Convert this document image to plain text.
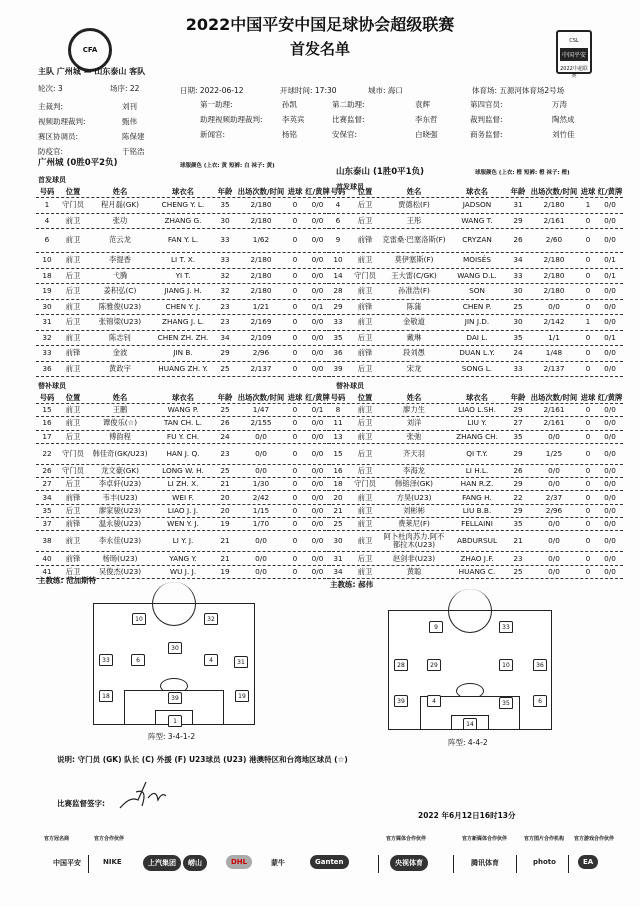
2022中国平安中国足球协会超级联赛
首发名单
CFA
CSL
中国平安
2022中超联赛
主队 广州城 — 山东泰山 客队
轮次: 3	场序: 22	日期: 2022-06-12	开球时间: 17:30	城市: 海口	体育场: 五源河体育场2号场
主裁判:	刘刊	第一助理:	孙凯	第二助理:	袁辉	第四官员:	万涛
视频助理裁判:	甄伟	助理视频助理裁判:	李英宾	比赛监督:	李东哲	裁判监督:	陶然成
赛区协调员:	陈保建	新闻官:	杨铭	安保官:	白晓强	商务监督:	刘竹佳
防疫官:	于铭浩
广州城 (0胜0平2负)	球服颜色 (上衣: 黄 短裤: 白 袜子: 黄)
首发球员
山东泰山 (1胜0平1负)	球服颜色 (上衣: 橙 短裤: 橙 袜子: 橙)
首发球员
号码	位置	姓名	球衣名	年龄 出场次数/时间 进球 红/黄牌
1	守门员	程月磊(GK)	CHENG Y. L.	35	2/180	0	0/0
4	前卫	张功	ZHANG G.	30	2/180	0	0/0
6	前卫	范云龙	FAN Y. L.	33	1/62	0	0/0
10	前卫	李提香	LI T. X.	33	2/180	0	0/0
18	后卫	弋腾	YI T.	32	2/180	0	0/0
19	后卫	姜积弘(C)	JIANG J. H.	32	2/180	0	0/0
30	前卫	陈雅俊(U23)	CHEN Y. J.	23	1/21	0	0/1
31	后卫	张锦梁(U23)	ZHANG J. L.	23	2/169	0	0/0
32	前卫	陈志钊	CHEN ZH. ZH.	34	2/109	0	0/0
33	前锋	金波	JIN B.	29	2/96	0	0/0
36	前卫	黄政宇	HUANG ZH. Y.	25	2/137	0	0/0
号码	位置	姓名	球衣名	年龄 出场次数/时间 进球 红/黄牌
4	后卫	贾德松(F)	JADSON	31	2/180	1	0/0
6	后卫	王彤	WANG T.	29	2/161	0	0/0
9	前锋	克雷桑·巴塞洛斯(F)	CRYZAN	26	2/60	0	0/0
10	前卫	莫伊塞斯(F)	MOISÉS	34	2/180	0	0/1
14	守门员	王大雷(C/GK)	WANG D.L.	33	2/180	0	0/1
28	前卫	孙准浩(F)	SON	30	2/180	0	0/0
29	前锋	陈蒲	CHEN P.	25	0/0	0	0/0
33	前卫	金敬道	JIN J.D.	30	2/142	1	0/0
35	后卫	戴琳	DAI L.	35	1/1	0	0/1
36	前锋	段刘愚	DUAN L.Y.	24	1/48	0	0/0
39	后卫	宋龙	SONG L.	33	2/137	0	0/0
替补球员	替补球员
号码	位置	姓名	球衣名	年龄 出场次数/时间 进球 红/黄牌
15	前卫	王鹏	WANG P.	25	1/47	0	0/1
16	前卫	谭俊乐(☆)	TAN CH. L.	26	2/155	0	0/0
17	后卫	傅韵程	FU Y. CH.	24	0/0	0	0/0
22	守门员	韩佳奇(GK/U23)	HAN J. Q.	23	0/0	0	0/0
26	守门员	龙文豪(GK)	LONG W. H.	25	0/0	0	0/0
27	后卫	李卓轩(U23)	LI ZH. X.	21	1/30	0	0/0
34	前锋	韦丰(U23)	WEI F.	20	2/42	0	0/0
35	后卫	廖家骏(U23)	LIAO J. J.	20	1/15	0	0/0
37	前锋	温永骏(U23)	WEN Y. J.	19	1/70	0	0/0
38	前卫	李永佳(U23)	LI Y. J.	21	0/0	0	0/0
40	前锋	杨旸(U23)	YANG Y.	21	0/0	0	0/0
41	后卫	吴俊杰(U23)	WU J. J.	19	0/0	0	0/0
号码	位置	姓名	球衣名	年龄 出场次数/时间 进球 红/黄牌
8	前卫	廖力生	LIAO L.SH.	29	2/161	0	0/0
11	后卫	刘洋	LIU Y.	27	2/161	0	0/0
13	前卫	张弛	ZHANG CH.	35	0/0	0	0/0
15	后卫	齐天羽	QI T.Y.	29	1/25	0	0/0
16	后卫	李海龙	LI H.L.	26	0/0	0	0/0
18	守门员	韩镕泽(GK)	HAN R.Z.	29	0/0	0	0/0
20	前卫	方昊(U23)	FANG H.	22	2/37	0	0/0
21	前卫	刘彬彬	LIU B.B.	29	2/96	0	0/0
25	前卫	费莱尼(F)	FELLAINI	35	0/0	0	0/0
30	前卫	阿卜杜肉苏力.阿不都拉木(U23)	ABDURSUL	21	0/0	0	0/0
31	后卫	赵剑非(U23)	ZHAO J.F.	23	0/0	0	0/0
34	前卫	黄聪	HUANG C.	25	0/0	0	0/0
主教练: 范加斯特	主教练: 郝伟
10	32
30
33	6	4	31
18	39	19
1
阵型: 3-4-1-2
9	33
28	29	10	36
39	4	35	6
14
阵型: 4-4-2
说明: 守门员 (GK) 队长 (C) 外援 (F) U23球员 (U23) 港澳特区和台湾地区球员 (☆)
比赛监督签字:
2022 年6月12日16时13分
官方冠名商
中国平安
官方合作伙伴
NIKE	上汽集团	崂山	DHL	蒙牛	Ganten
官方媒体合作伙伴
央视体育
官方新媒体合作伙伴
腾讯体育
官方图片合作机构
photo
官方游戏合作伙伴
EA
